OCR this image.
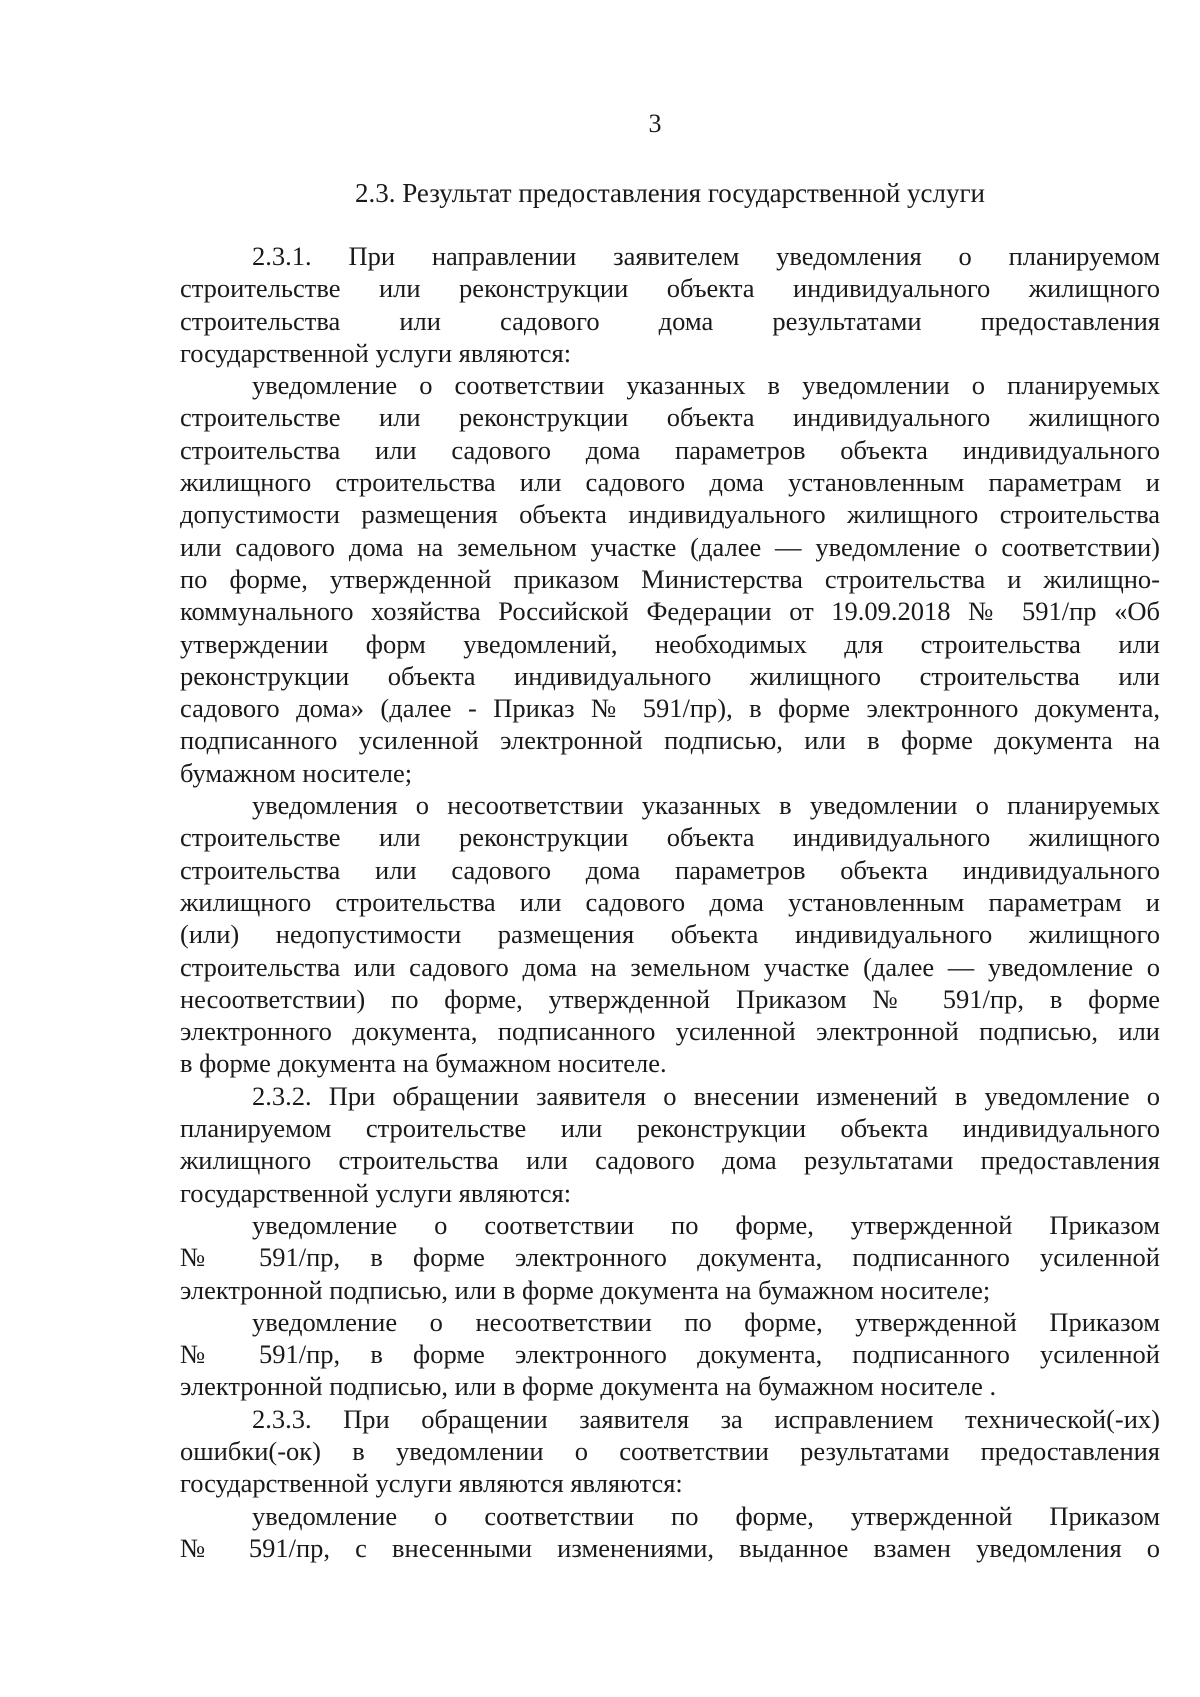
3
2.3. Результат предоставления государственной услуги
2.3.1. При направлении заявителем уведомления о планируемом
строительстве или реконструкции объекта индивидуального жилищного
строительства или садового дома результатами предоставления
государственной услуги являются:
уведомление о соответствии указанных в уведомлении о планируемых
строительстве или реконструкции объекта индивидуального жилищного
строительства или садового дома параметров объекта индивидуального
жилищного строительства или садового дома установленным параметрам и
допустимости размещения объекта индивидуального жилищного строительства
или садового дома на земельном участке (далее — уведомление о соответствии)
по форме, утвержденной приказом Министерства строительства и жилищно-
коммунального хозяйства Российской Федерации от 19.09.2018 № 591/пр «Об
утверждении форм уведомлений, необходимых для строительства или
реконструкции объекта индивидуального жилищного строительства или
садового дома» (далее - Приказ № 591/пр), в форме электронного документа,
подписанного усиленной электронной подписью, или в форме документа на
бумажном носителе;
уведомления о несоответствии указанных в уведомлении о планируемых
строительстве или реконструкции объекта индивидуального жилищного
строительства или садового дома параметров объекта индивидуального
жилищного строительства или садового дома установленным параметрам и
(или) недопустимости размещения объекта индивидуального жилищного
строительства или садового дома на земельном участке (далее — уведомление о
несоответствии) по форме, утвержденной Приказом № 591/пр, в форме
электронного документа, подписанного усиленной электронной подписью, или
в форме документа на бумажном носителе.
2.3.2. При обращении заявителя о внесении изменений в уведомление о
планируемом строительстве или реконструкции объекта индивидуального
жилищного строительства или садового дома результатами предоставления
государственной услуги являются:
уведомление о соответствии по форме, утвержденной Приказом
№ 591/пр, в форме электронного документа, подписанного усиленной
электронной подписью, или в форме документа на бумажном носителе;
уведомление о несоответствии по форме, утвержденной Приказом
№ 591/пр, в форме электронного документа, подписанного усиленной
электронной подписью, или в форме документа на бумажном носителе .
2.3.3. При обращении заявителя за исправлением технической(-их)
ошибки(-ок) в уведомлении о соответствии результатами предоставления
государственной услуги являются являются:
уведомление о соответствии по форме, утвержденной Приказом
№ 591/пр, с внесенными изменениями, выданное взамен уведомления о
